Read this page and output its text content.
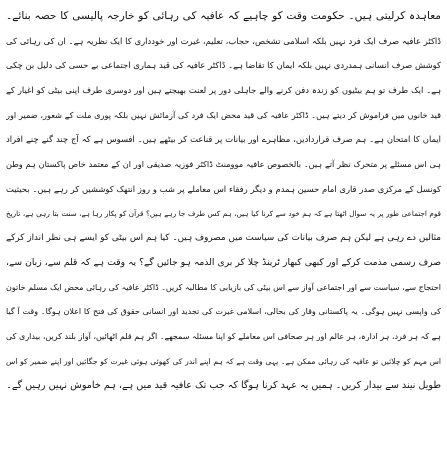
معاہدہ کرلیتی ہیں۔ حکومت وقت کو چاہیے کہ عافیہ کی رہائی کو خارجہ پالیسی کا حصہ بنائے۔
ڈاکٹر عافیہ صرف ایک فرد نہیں بلکہ اسلامی تشخص، حجاب، تعلیم، غیرت اور خودداری کا ایک نظریہ ہے۔ ان کی رہائی کی
کوشش صرف انسانی ہمدردی نہیں بلکہ ایمان کا تقاضا ہے۔ ڈاکٹر عافیہ کی قید ہماری اجتماعی بے حسی کی دلیل بن چکی
ہے۔ ایک طرف تو ہم بیٹیوں کو زندہ دفن کرنے والے جاہلی دور پر لعنت بھیجتے ہیں اور دوسری طرف اپنی بیٹی کو اغیار کے
قید خانوں میں فراموش کر دیتے ہیں۔ ڈاکٹر عافیہ کی قید محض ایک فرد کی آزمائش نہیں بلکہ پوری ملت کے شعور، ضمیر اور
ایمان کا امتحان ہے۔ ہم صرف قراردادیں، مظاہرے اور بیانات پر قناعت کر بیٹھے ہیں۔ افسوس ہے کہ آج چند گنے چنے افراد
ہی اس مسئلے پر متحرک نظر آتے ہیں۔ بالخصوص عافیہ موومنٹ ڈاکٹر فوزیہ صدیقی اور ان کے معتمد خاص پاکستان ہم وطن
کونسل کے مرکزی صدر قاری امام حسین ہمدم و دیگر رفقاء اس معاملے پر شب و روز انتھک کوششیں کر رہے ہیں۔ بحیثیت
قوم اجتماعی طور پر یہ سوال اٹھتا ہے کہ ہم خود سے کرنا کیا ہیں، ہم کس طرف جا رہے ہیں؟ قرآن کو پکار رہا ہے، سنت بتا رہی ہے، تاریخ
مثالیں دے رہی ہے لیکن ہم صرف بیانات کی سیاست میں مصروف ہیں۔ کیا ہم اس بیٹی کو ایسے ہی نظر انداز کرکے
صرف رسمی مذمت کرکے اور کبھی کبھار ٹرینڈ چلا کر بری الذمہ ہو جائیں گے؟ یہ وقت ہے کہ قلم سے، زبان سے،
احتجاج سے، سیاست سے اور اجتماعی آواز سے اس بیٹی کی بازیابی کا مطالبہ کریں۔ ڈاکٹر عافیہ کی رہائی محض ایک مسلم خاتون
کی واپسی نہیں ہوگی۔ یہ پاکستانی وقار کی بحالی، اسلامی غیرت کی تجدید اور انسانی حقوق کی فتح کا اعلان ہوگا۔ وقت آ گیا
ہے کہ ہر فرد، ہر ادارہ، ہر عالم اور ہر صحافی اس معاملے کو اپنا مسئلہ سمجھے۔ اگر ہم قلم اٹھائیں، آواز بلند کریں، بیداری کی
اس مہم کو چلائیں تو عافیہ کی رہائی ممکن ہے۔ یہی وقت ہے کہ ہم اپنے اندر کی کھوئی ہوئی غیرت کو جگائیں اور اپنے ضمیر کو اس
طویل نیند سے بیدار کریں۔ ہمیں یہ عہد کرنا ہوگا کہ جب تک عافیہ قید میں ہے، ہم خاموش نہیں رہیں گے۔
